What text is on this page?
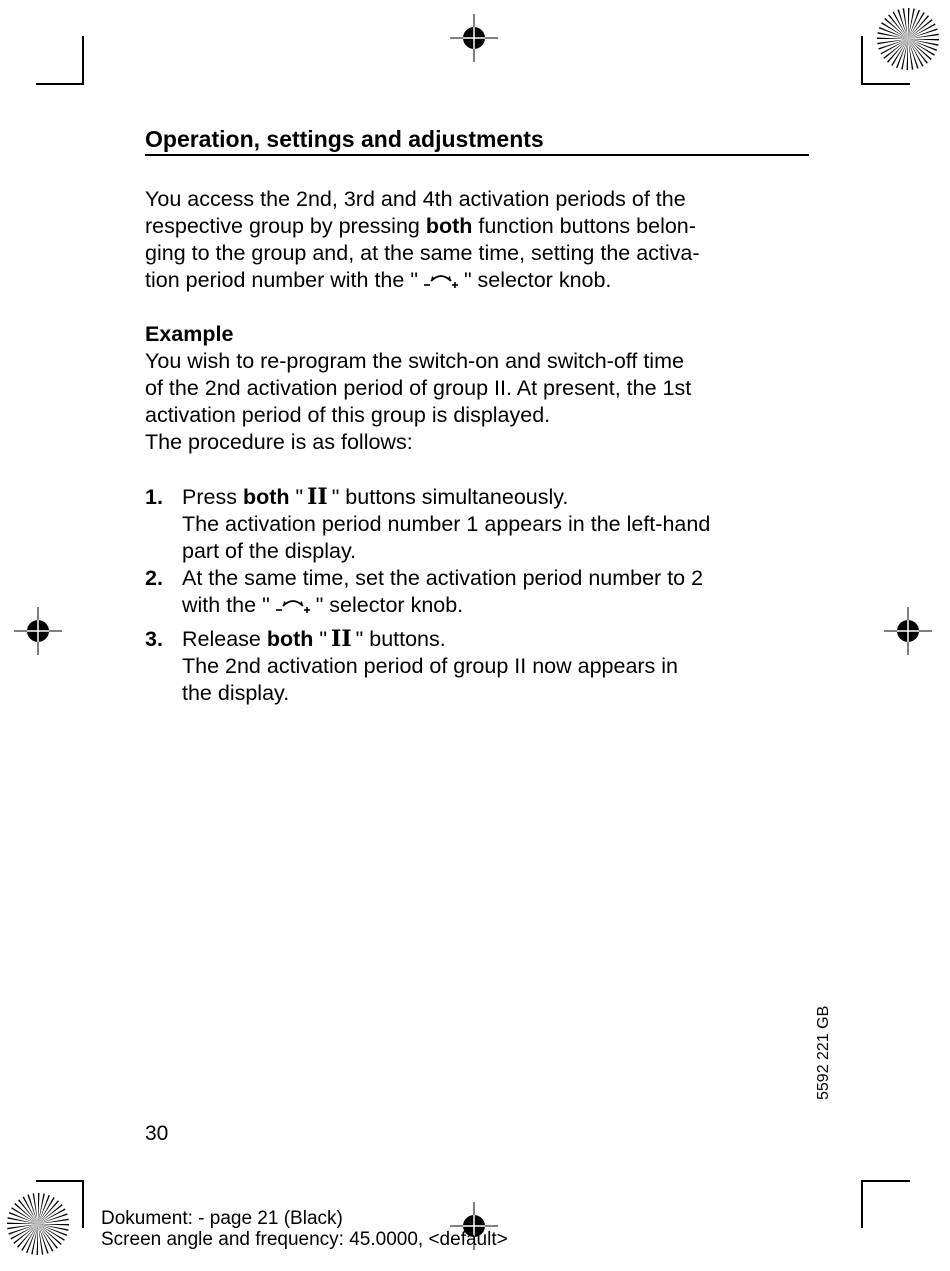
Operation, settings and adjustments
You access the 2nd, 3rd and 4th activation periods of the
respective group by pressing both function buttons belon-
ging to the group and, at the same time, setting the activa-
tion period number with the " " selector knob.
Example
You wish to re-program the switch-on and switch-off time
of the 2nd activation period of group II. At present, the 1st
activation period of this group is displayed.
The procedure is as follows:
1. Press both " II " buttons simultaneously.
The activation period number 1 appears in the left-hand
part of the display.
2. At the same time, set the activation period number to 2
with the " " selector knob.
3. Release both " II " buttons.
The 2nd activation period of group II now appears in
the display.
30
5592 221 GB
Dokument: - page 21 (Black)
Screen angle and frequency: 45.0000, <default>
